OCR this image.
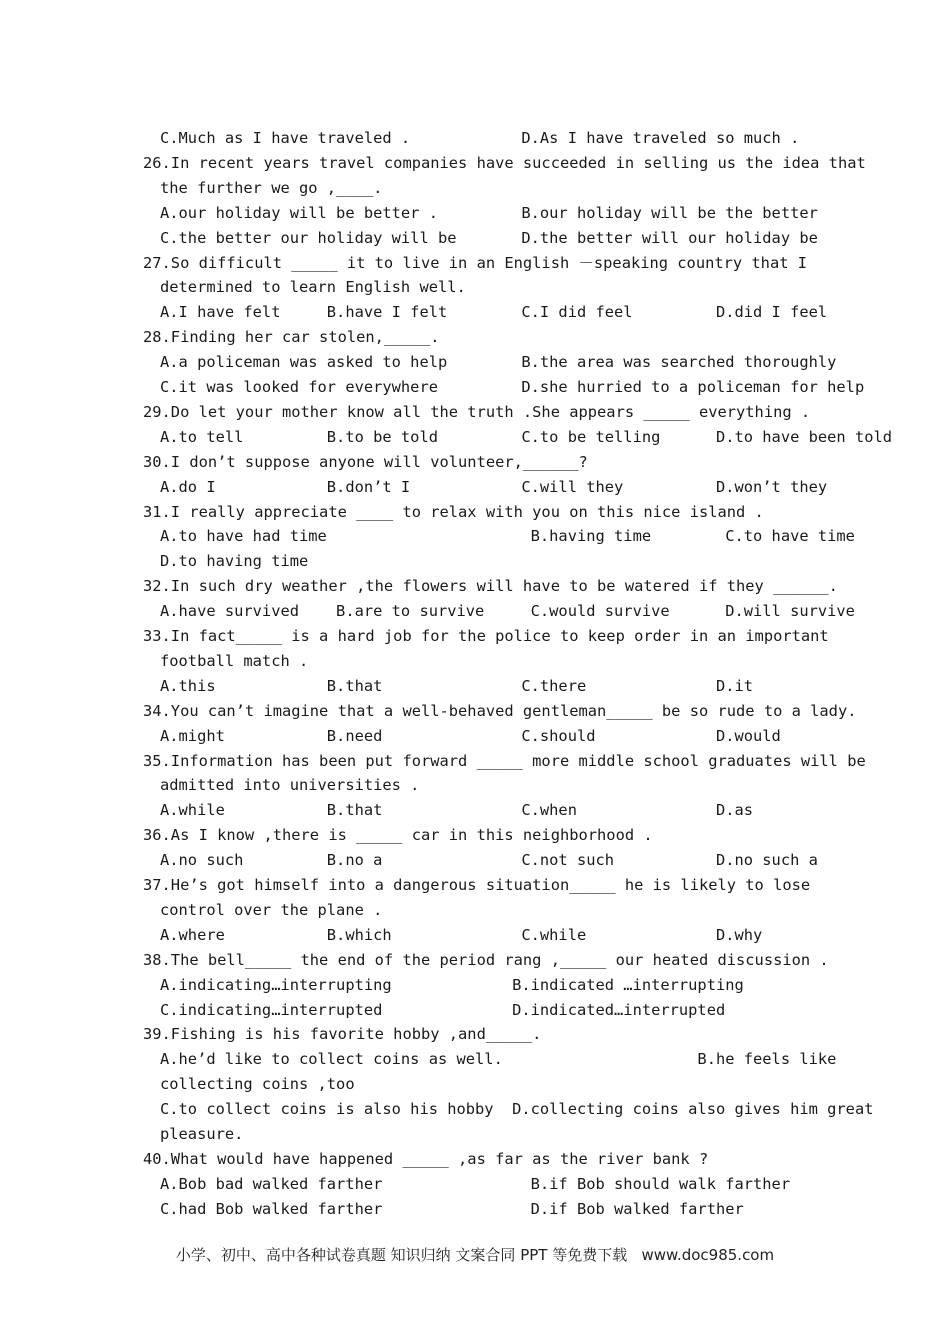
C.Much as I have traveled .            D.As I have traveled so much .
26.In recent years travel companies have succeeded in selling us the idea that
the further we go ,____.
A.our holiday will be better .         B.our holiday will be the better
C.the better our holiday will be       D.the better will our holiday be
27.So difficult _____ it to live in an English －speaking country that I
determined to learn English well.
A.I have felt     B.have I felt        C.I did feel         D.did I feel
28.Finding her car stolen,_____.
A.a policeman was asked to help        B.the area was searched thoroughly
C.it was looked for everywhere         D.she hurried to a policeman for help
29.Do let your mother know all the truth .She appears _____ everything .
A.to tell         B.to be told         C.to be telling      D.to have been told
30.I don’t suppose anyone will volunteer,______?
A.do I            B.don’t I            C.will they          D.won’t they
31.I really appreciate ____ to relax with you on this nice island .
A.to have had time                      B.having time        C.to have time
D.to having time
32.In such dry weather ,the flowers will have to be watered if they ______.
A.have survived    B.are to survive     C.would survive      D.will survive
33.In fact_____ is a hard job for the police to keep order in an important
football match .
A.this            B.that               C.there              D.it
34.You can’t imagine that a well-behaved gentleman_____ be so rude to a lady.
A.might           B.need               C.should             D.would
35.Information has been put forward _____ more middle school graduates will be
admitted into universities .
A.while           B.that               C.when               D.as
36.As I know ,there is _____ car in this neighborhood .
A.no such         B.no a               C.not such           D.no such a
37.He’s got himself into a dangerous situation_____ he is likely to lose
control over the plane .
A.where           B.which              C.while              D.why
38.The bell_____ the end of the period rang ,_____ our heated discussion .
A.indicating…interrupting             B.indicated …interrupting
C.indicating…interrupted              D.indicated…interrupted
39.Fishing is his favorite hobby ,and_____.
A.he’d like to collect coins as well.                     B.he feels like
collecting coins ,too
C.to collect coins is also his hobby  D.collecting coins also gives him great
pleasure.
40.What would have happened _____ ,as far as the river bank ?
A.Bob bad walked farther                B.if Bob should walk farther
C.had Bob walked farther                D.if Bob walked farther
小学、初中、高中各种试卷真题 知识归纳 文案合同 PPT 等免费下载   www.doc985.com
